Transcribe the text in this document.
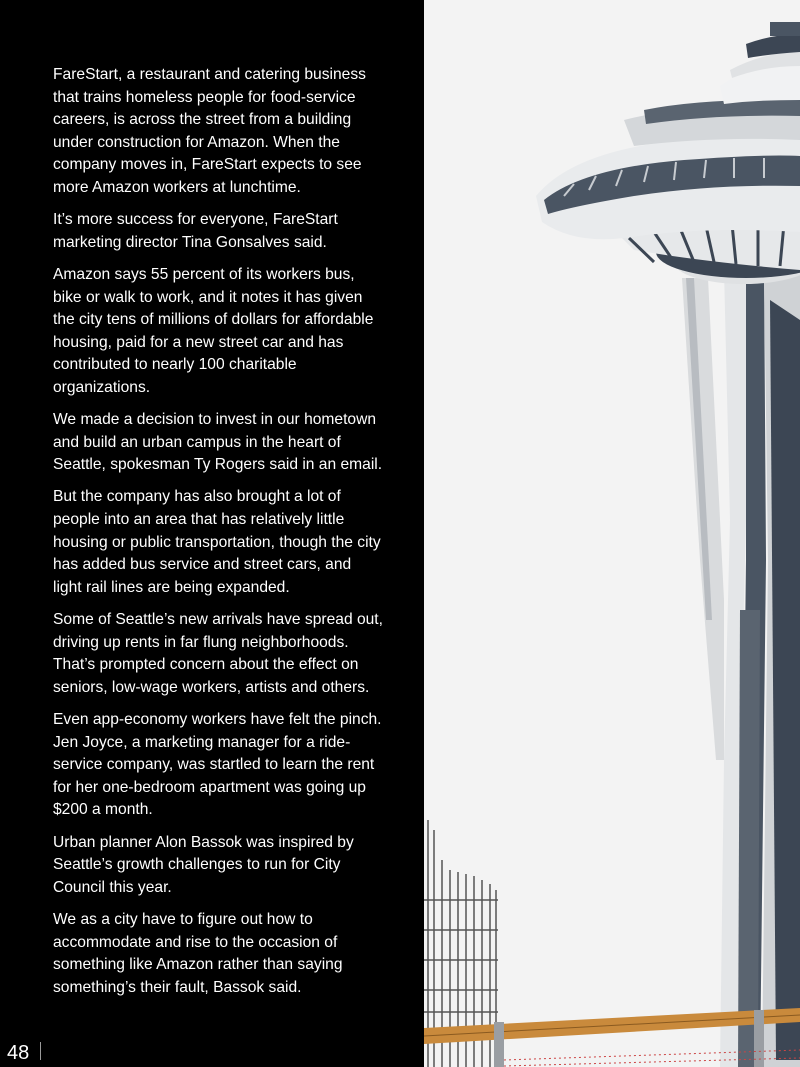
FareStart, a restaurant and catering business that trains homeless people for food-service careers, is across the street from a building under construction for Amazon. When the company moves in, FareStart expects to see more Amazon workers at lunchtime.

It’s more success for everyone, FareStart marketing director Tina Gonsalves said.

Amazon says 55 percent of its workers bus, bike or walk to work, and it notes it has given the city tens of millions of dollars for affordable housing, paid for a new street car and has contributed to nearly 100 charitable organizations.

We made a decision to invest in our hometown and build an urban campus in the heart of Seattle, spokesman Ty Rogers said in an email.

But the company has also brought a lot of people into an area that has relatively little housing or public transportation, though the city has added bus service and street cars, and light rail lines are being expanded.

Some of Seattle’s new arrivals have spread out, driving up rents in far flung neighborhoods. That’s prompted concern about the effect on seniors, low-wage workers, artists and others.

Even app-economy workers have felt the pinch. Jen Joyce, a marketing manager for a ride-service company, was startled to learn the rent for her one-bedroom apartment was going up $200 a month.

Urban planner Alon Bassok was inspired by Seattle’s growth challenges to run for City Council this year.

We as a city have to figure out how to accommodate and rise to the occasion of something like Amazon rather than saying something’s their fault, Bassok said.

48
